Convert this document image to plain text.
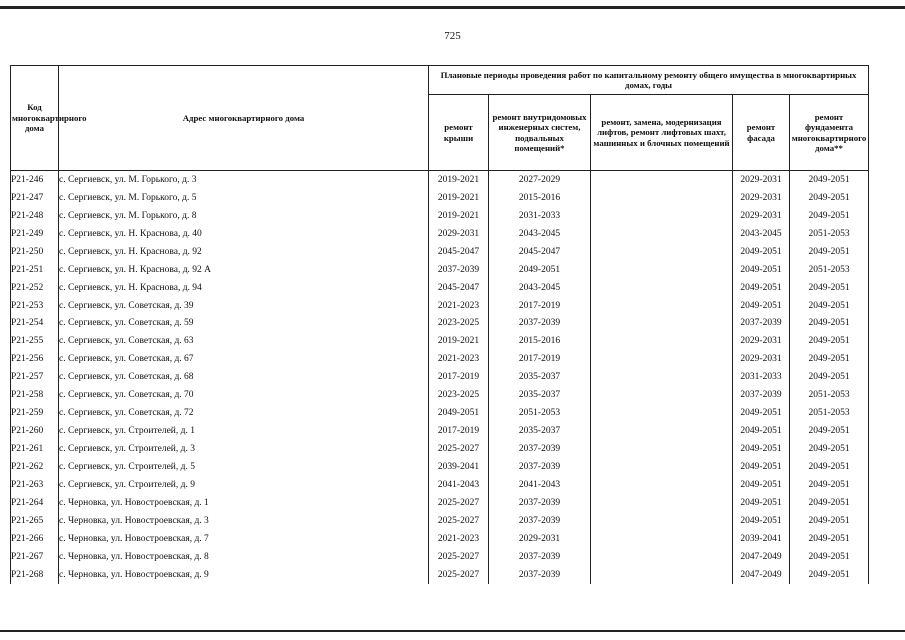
725
Код многоквартирного дома	Адрес многоквартирного дома	Плановые периоды проведения работ по капитальному ремонту общего имущества в многоквартирных домах, годы				
		ремонт крыши	ремонт внутридомовых инженерных систем, подвальных помещений*	ремонт, замена, модернизация лифтов, ремонт лифтовых шахт, машинных и блочных помещений	ремонт фасада	ремонт фундамента многоквартирного дома**
Р21-246	с. Сергиевск, ул. М. Горького, д. 3	2019-2021	2027-2029		2029-2031	2049-2051
Р21-247	с. Сергиевск, ул. М. Горького, д. 5	2019-2021	2015-2016		2029-2031	2049-2051
Р21-248	с. Сергиевск, ул. М. Горького, д. 8	2019-2021	2031-2033		2029-2031	2049-2051
Р21-249	с. Сергиевск, ул. Н. Краснова, д. 40	2029-2031	2043-2045		2043-2045	2051-2053
Р21-250	с. Сергиевск, ул. Н. Краснова, д. 92	2045-2047	2045-2047		2049-2051	2049-2051
Р21-251	с. Сергиевск, ул. Н. Краснова, д. 92 А	2037-2039	2049-2051		2049-2051	2051-2053
Р21-252	с. Сергиевск, ул. Н. Краснова, д. 94	2045-2047	2043-2045		2049-2051	2049-2051
Р21-253	с. Сергиевск, ул. Советская, д. 39	2021-2023	2017-2019		2049-2051	2049-2051
Р21-254	с. Сергиевск, ул. Советская, д. 59	2023-2025	2037-2039		2037-2039	2049-2051
Р21-255	с. Сергиевск, ул. Советская, д. 63	2019-2021	2015-2016		2029-2031	2049-2051
Р21-256	с. Сергиевск, ул. Советская, д. 67	2021-2023	2017-2019		2029-2031	2049-2051
Р21-257	с. Сергиевск, ул. Советская, д. 68	2017-2019	2035-2037		2031-2033	2049-2051
Р21-258	с. Сергиевск, ул. Советская, д. 70	2023-2025	2035-2037		2037-2039	2051-2053
Р21-259	с. Сергиевск, ул. Советская, д. 72	2049-2051	2051-2053		2049-2051	2051-2053
Р21-260	с. Сергиевск, ул. Строителей, д. 1	2017-2019	2035-2037		2049-2051	2049-2051
Р21-261	с. Сергиевск, ул. Строителей, д. 3	2025-2027	2037-2039		2049-2051	2049-2051
Р21-262	с. Сергиевск, ул. Строителей, д. 5	2039-2041	2037-2039		2049-2051	2049-2051
Р21-263	с. Сергиевск, ул. Строителей, д. 9	2041-2043	2041-2043		2049-2051	2049-2051
Р21-264	с. Черновка, ул. Новостроевская, д. 1	2025-2027	2037-2039		2049-2051	2049-2051
Р21-265	с. Черновка, ул. Новостроевская, д. 3	2025-2027	2037-2039		2049-2051	2049-2051
Р21-266	с. Черновка, ул. Новостроевская, д. 7	2021-2023	2029-2031		2039-2041	2049-2051
Р21-267	с. Черновка, ул. Новостроевская, д. 8	2025-2027	2037-2039		2047-2049	2049-2051
Р21-268	с. Черновка, ул. Новостроевская, д. 9	2025-2027	2037-2039		2047-2049	2049-2051
